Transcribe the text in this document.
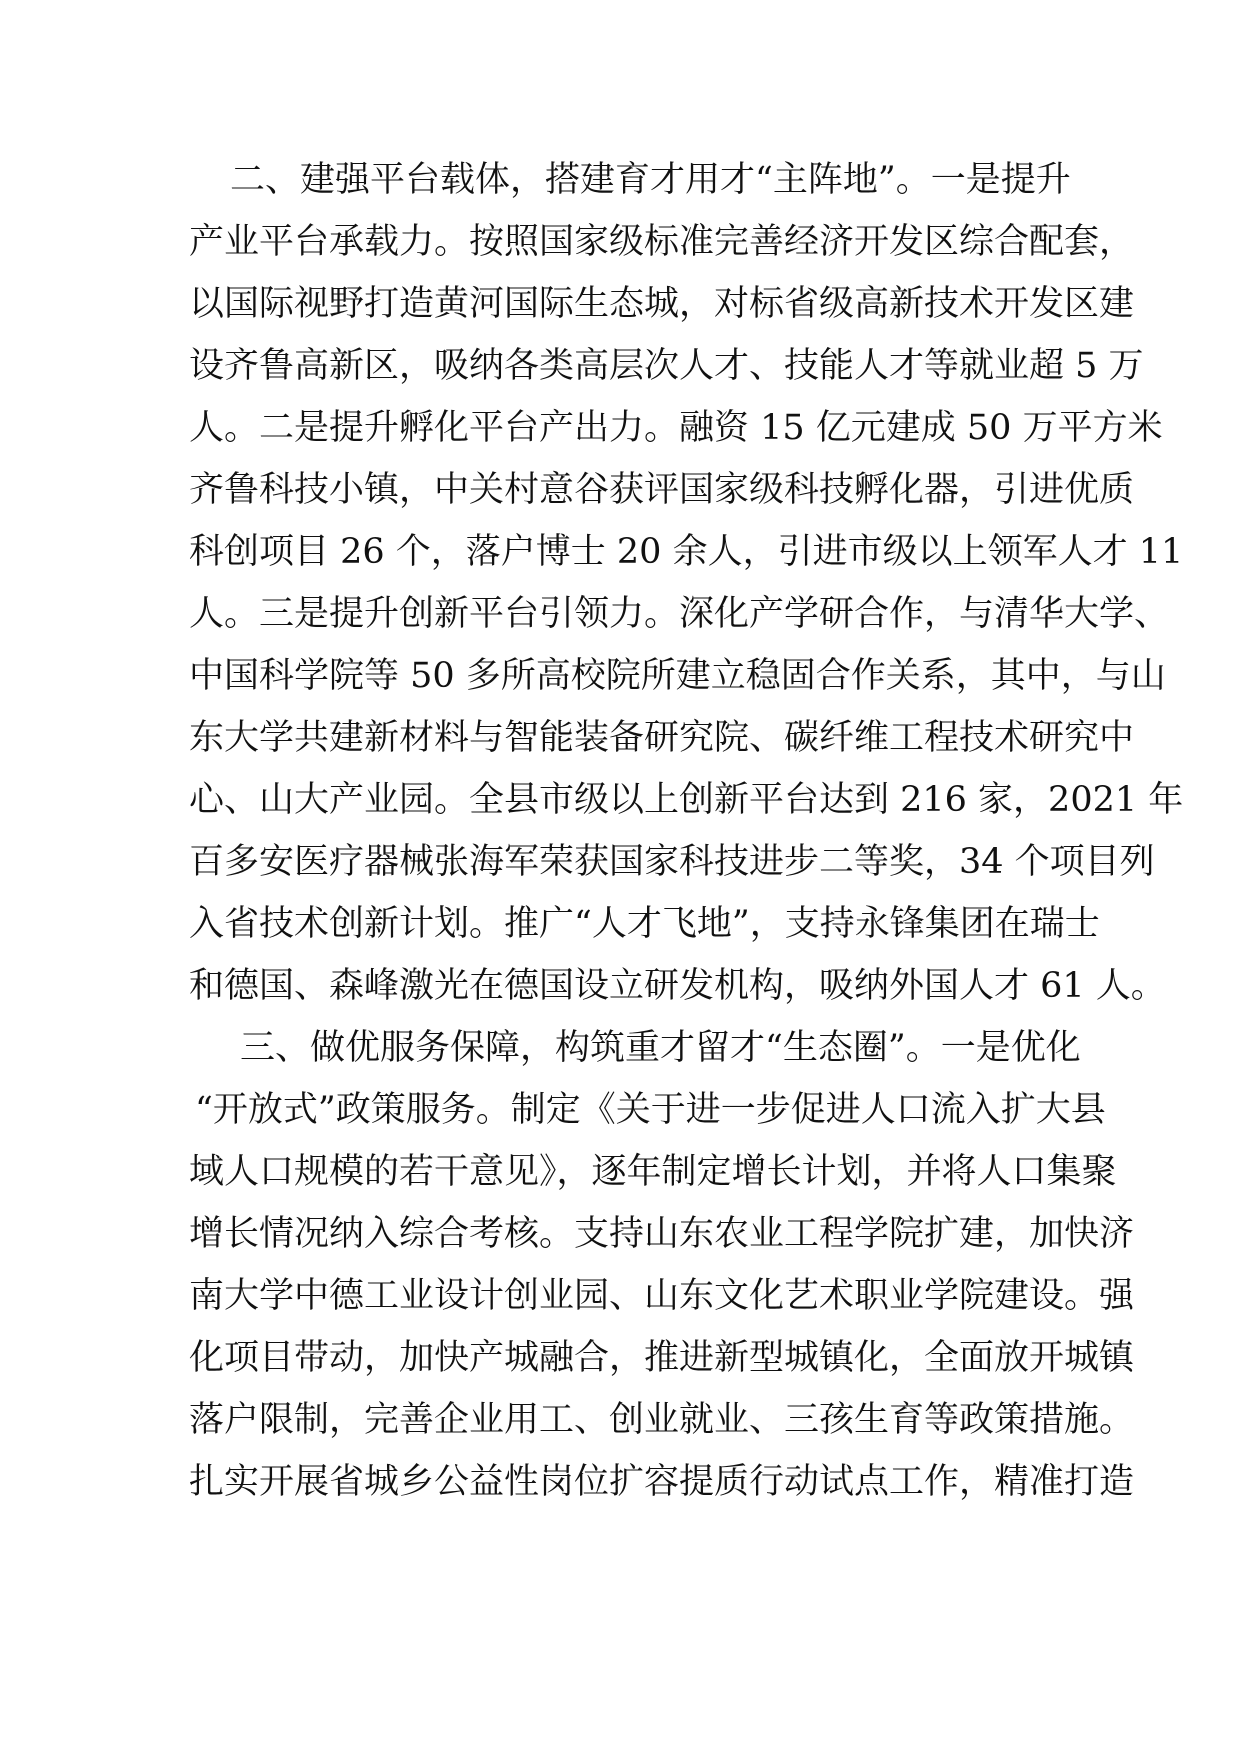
二、建强平台载体，搭建育才用才“主阵地”。一是提升
产业平台承载力。按照国家级标准完善经济开发区综合配套，
以国际视野打造黄河国际生态城，对标省级高新技术开发区建
设齐鲁高新区，吸纳各类高层次人才、技能人才等就业超 5 万
人。二是提升孵化平台产出力。融资 15 亿元建成 50 万平方米
齐鲁科技小镇，中关村意谷获评国家级科技孵化器，引进优质
科创项目 26 个，落户博士 20 余人，引进市级以上领军人才 11
人。三是提升创新平台引领力。深化产学研合作，与清华大学、
中国科学院等 50 多所高校院所建立稳固合作关系，其中，与山
东大学共建新材料与智能装备研究院、碳纤维工程技术研究中
心、山大产业园。全县市级以上创新平台达到 216 家，2021 年
百多安医疗器械张海军荣获国家科技进步二等奖，34 个项目列
入省技术创新计划。推广“人才飞地”，支持永锋集团在瑞士
和德国、森峰激光在德国设立研发机构，吸纳外国人才 61 人。
三、做优服务保障，构筑重才留才“生态圈”。一是优化
“开放式”政策服务。制定《关于进一步促进人口流入扩大县
域人口规模的若干意见》，逐年制定增长计划，并将人口集聚
增长情况纳入综合考核。支持山东农业工程学院扩建，加快济
南大学中德工业设计创业园、山东文化艺术职业学院建设。强
化项目带动，加快产城融合，推进新型城镇化，全面放开城镇
落户限制，完善企业用工、创业就业、三孩生育等政策措施。
扎实开展省城乡公益性岗位扩容提质行动试点工作，精准打造
